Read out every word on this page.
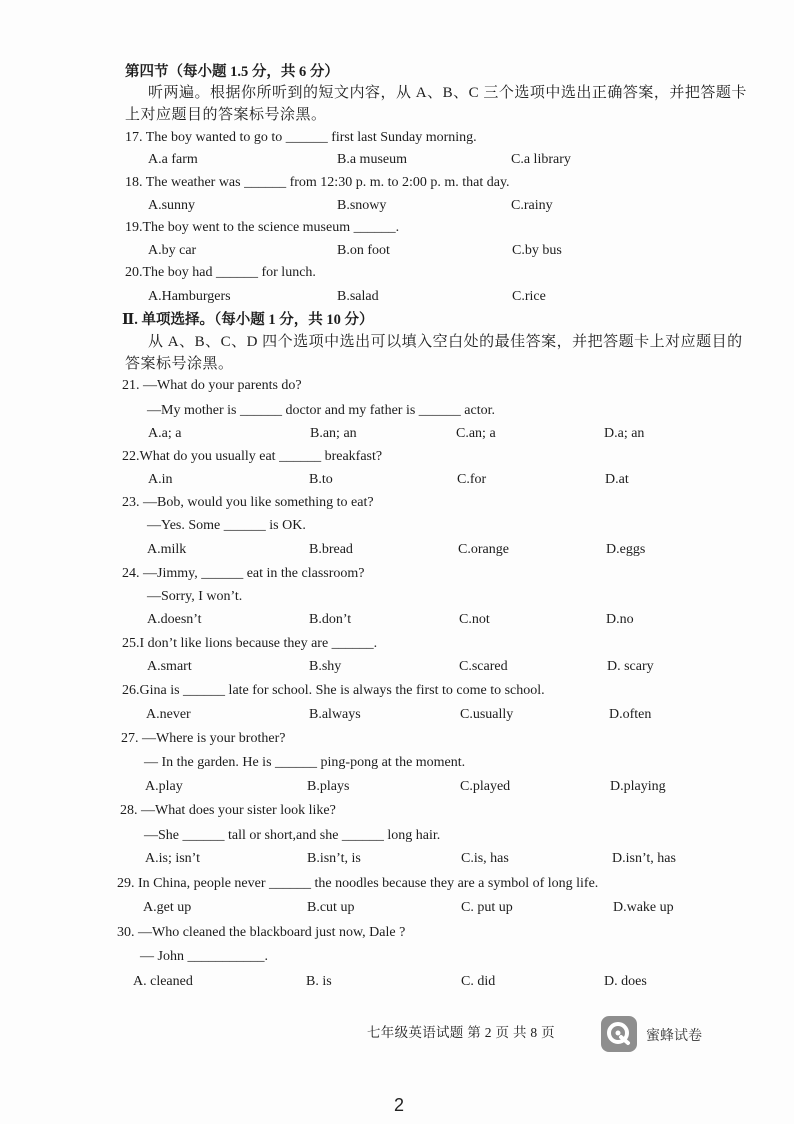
第四节（每小题 1.5 分，共 6 分）
听两遍。根据你所听到的短文内容，从 A、B、C 三个选项中选出正确答案，并把答题卡
上对应题目的答案标号涂黑。
17. The boy wanted to go to ______ first last Sunday morning.
A.a farm	B.a museum	C.a library
18. The weather was ______ from 12:30 p. m. to 2:00 p. m. that day.
A.sunny	B.snowy	C.rainy
19.The boy went to the science museum ______.
A.by car	B.on foot	C.by bus
20.The boy had ______ for lunch.
A.Hamburgers	B.salad	C.rice
Ⅱ. 单项选择。（每小题 1 分，共 10 分）
从 A、B、C、D 四个选项中选出可以填入空白处的最佳答案，并把答题卡上对应题目的
答案标号涂黑。
21. —What do your parents do?
—My mother is ______ doctor and my father is ______ actor.
A.a; a	B.an; an	C.an; a	D.a; an
22.What do you usually eat ______ breakfast?
A.in	B.to	C.for	D.at
23. —Bob, would you like something to eat?
—Yes. Some ______ is OK.
A.milk	B.bread	C.orange	D.eggs
24. —Jimmy, ______ eat in the classroom?
—Sorry, I won’t.
A.doesn’t	B.don’t	C.not	D.no
25.I don’t like lions because they are ______.
A.smart	B.shy	C.scared	D. scary
26.Gina is ______ late for school. She is always the first to come to school.
A.never	B.always	C.usually	D.often
27. —Where is your brother?
— In the garden. He is ______ ping-pong at the moment.
A.play	B.plays	C.played	D.playing
28. —What does your sister look like?
—She ______ tall or short,and she ______ long hair.
A.is; isn’t	B.isn’t, is	C.is, has	D.isn’t, has
29. In China, people never ______ the noodles because they are a symbol of long life.
A.get up	B.cut up	C. put up	D.wake up
30. —Who cleaned the blackboard just now, Dale ?
— John ___________.
A. cleaned	B. is	C. did	D. does
七年级英语试题 第 2 页 共 8 页	蜜蜂试卷
2
